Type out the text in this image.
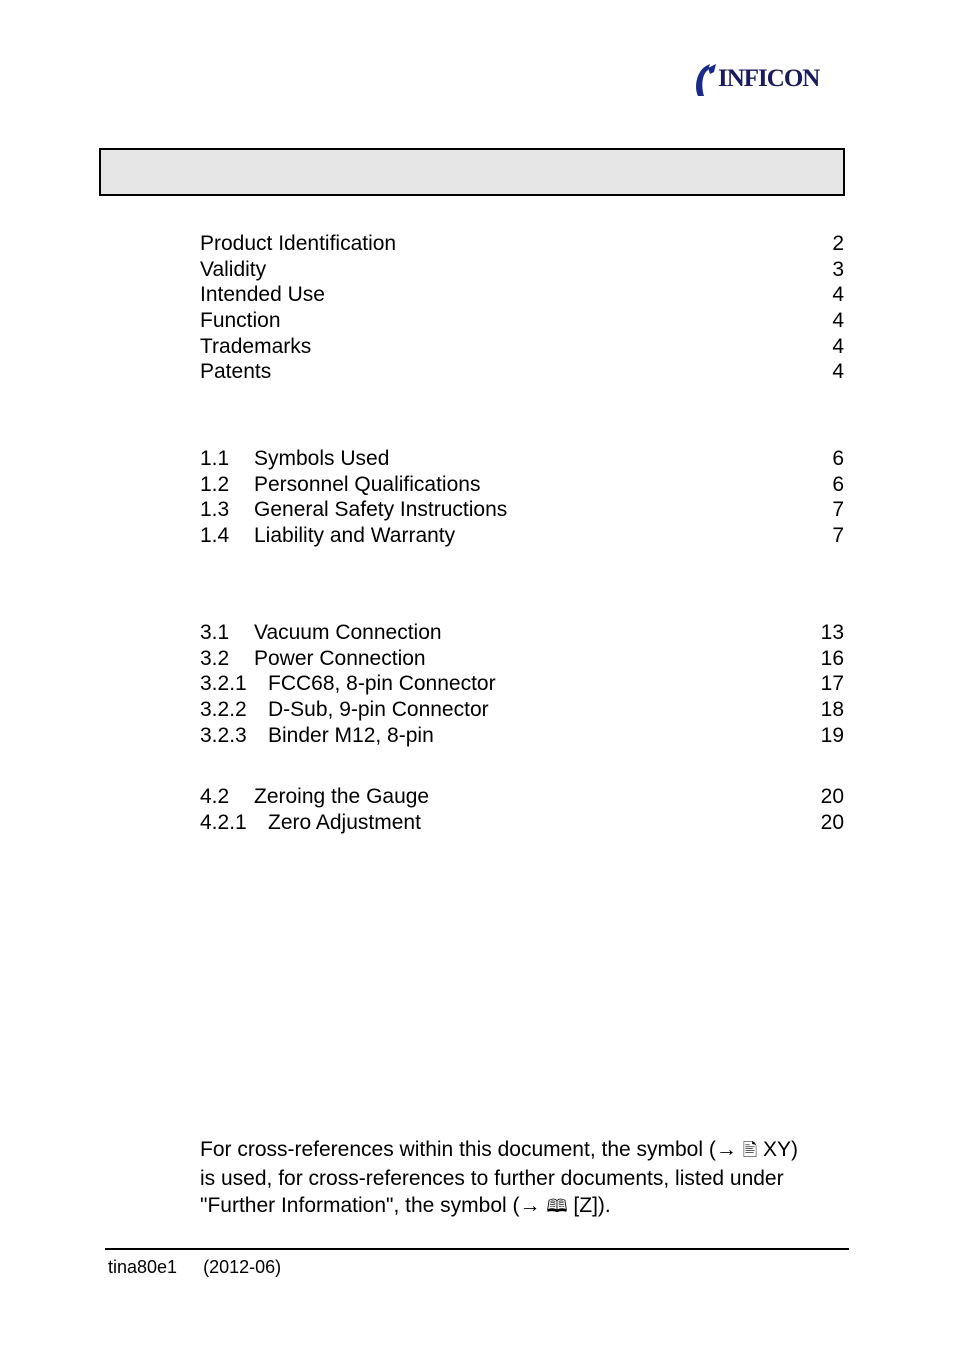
INFICON
Product Identification	2
Validity	3
Intended Use	4
Function	4
Trademarks	4
Patents	4
1.1 Symbols Used	6
1.2 Personnel Qualifications	6
1.3 General Safety Instructions	7
1.4 Liability and Warranty	7
3.1 Vacuum Connection	13
3.2 Power Connection	16
3.2.1 FCC68, 8-pin Connector	17
3.2.2 D-Sub, 9-pin Connector	18
3.2.3 Binder M12, 8-pin	19
4.2 Zeroing the Gauge	20
4.2.1 Zero Adjustment	20
For cross-references within this document, the symbol (→ 🖹 XY)
is used, for cross-references to further documents, listed under
"Further Information", the symbol (→ 🕮 [Z]).
tina80e1 (2012-06)
